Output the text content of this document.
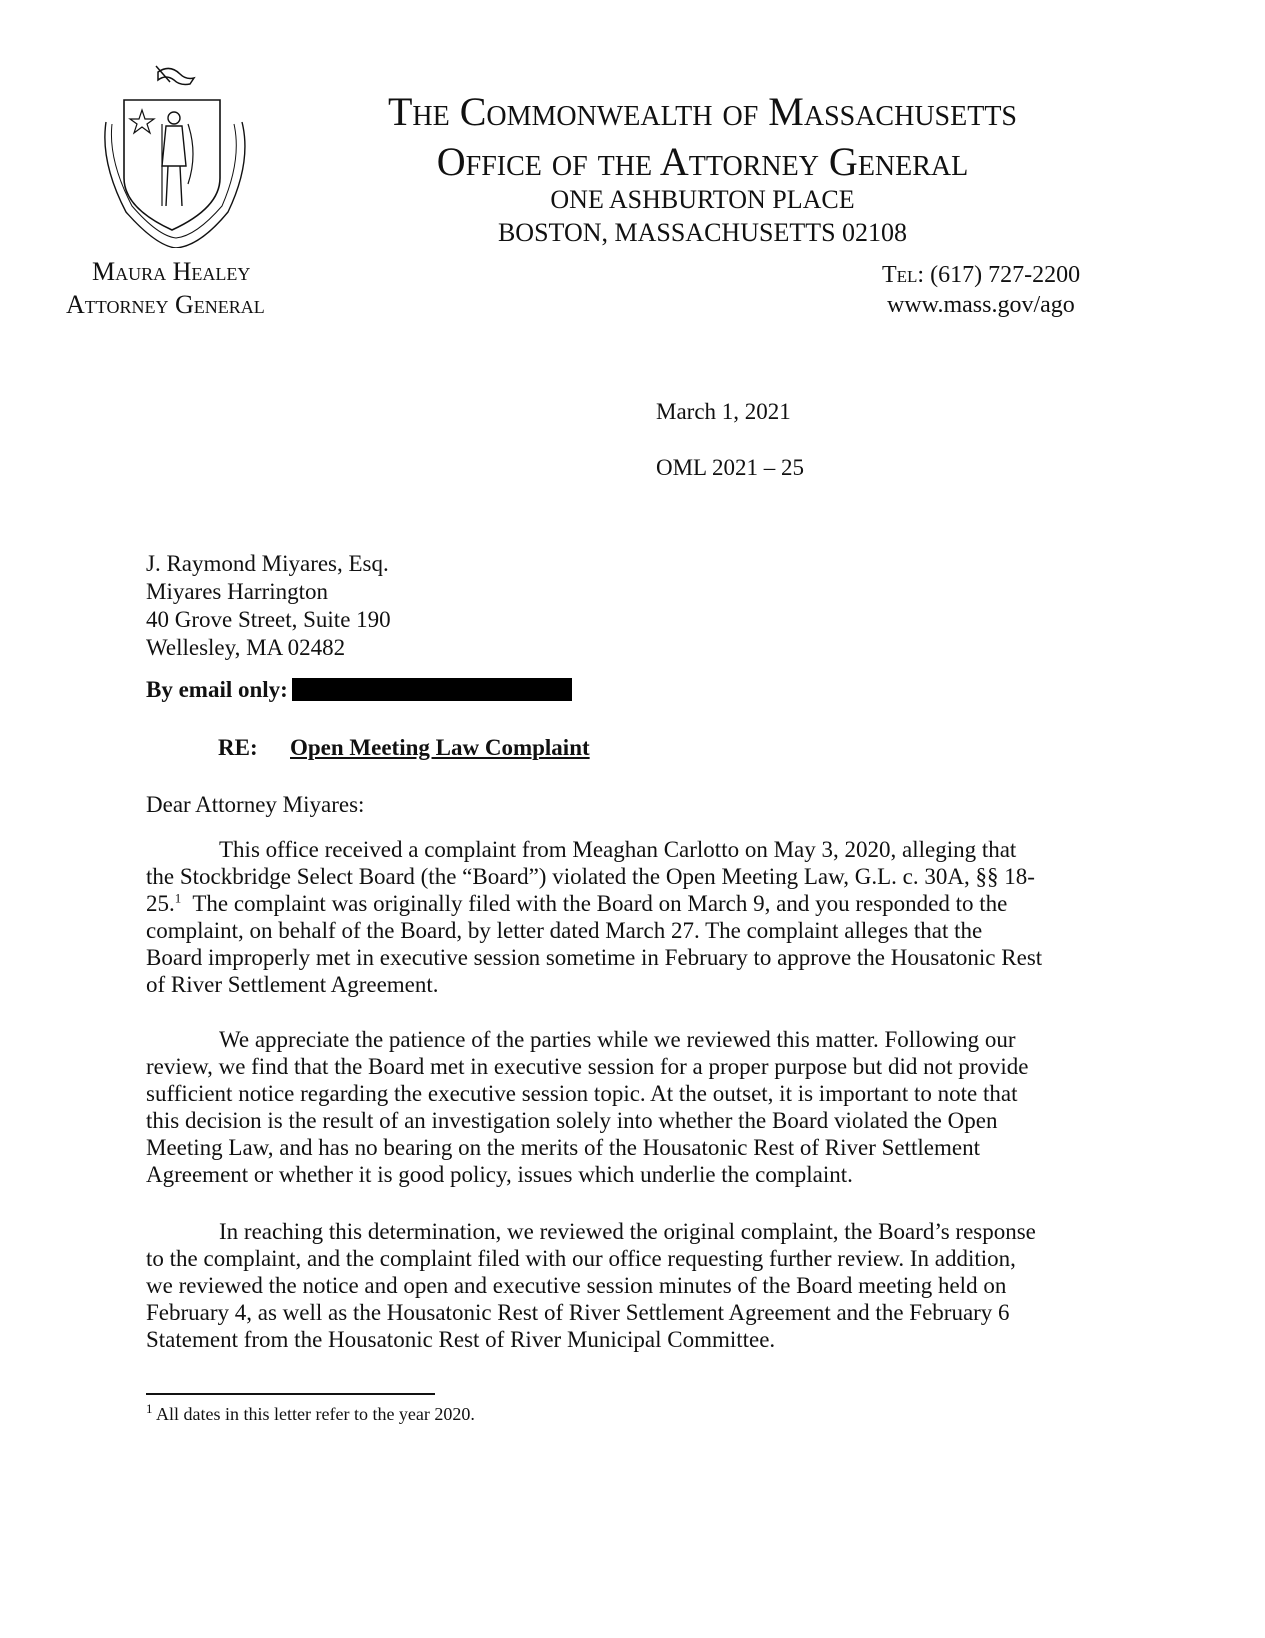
The Commonwealth of Massachusetts
Office of the Attorney General
ONE ASHBURTON PLACE
BOSTON, MASSACHUSETTS 02108
Maura Healey
Attorney General
Tel: (617) 727-2200
www.mass.gov/ago
March 1, 2021
OML 2021 – 25
J. Raymond Miyares, Esq.
Miyares Harrington
40 Grove Street, Suite 190
Wellesley, MA 02482
By email only:
RE: Open Meeting Law Complaint
Dear Attorney Miyares:
This office received a complaint from Meaghan Carlotto on May 3, 2020, alleging that
the Stockbridge Select Board (the “Board”) violated the Open Meeting Law, G.L. c. 30A, §§ 18-
25.$^1$  The complaint was originally filed with the Board on March 9, and you responded to the
complaint, on behalf of the Board, by letter dated March 27. The complaint alleges that the
Board improperly met in executive session sometime in February to approve the Housatonic Rest
of River Settlement Agreement.
We appreciate the patience of the parties while we reviewed this matter. Following our
review, we find that the Board met in executive session for a proper purpose but did not provide
sufficient notice regarding the executive session topic. At the outset, it is important to note that
this decision is the result of an investigation solely into whether the Board violated the Open
Meeting Law, and has no bearing on the merits of the Housatonic Rest of River Settlement
Agreement or whether it is good policy, issues which underlie the complaint.
In reaching this determination, we reviewed the original complaint, the Board’s response
to the complaint, and the complaint filed with our office requesting further review. In addition,
we reviewed the notice and open and executive session minutes of the Board meeting held on
February 4, as well as the Housatonic Rest of River Settlement Agreement and the February 6
Statement from the Housatonic Rest of River Municipal Committee.
$^1$ All dates in this letter refer to the year 2020.
